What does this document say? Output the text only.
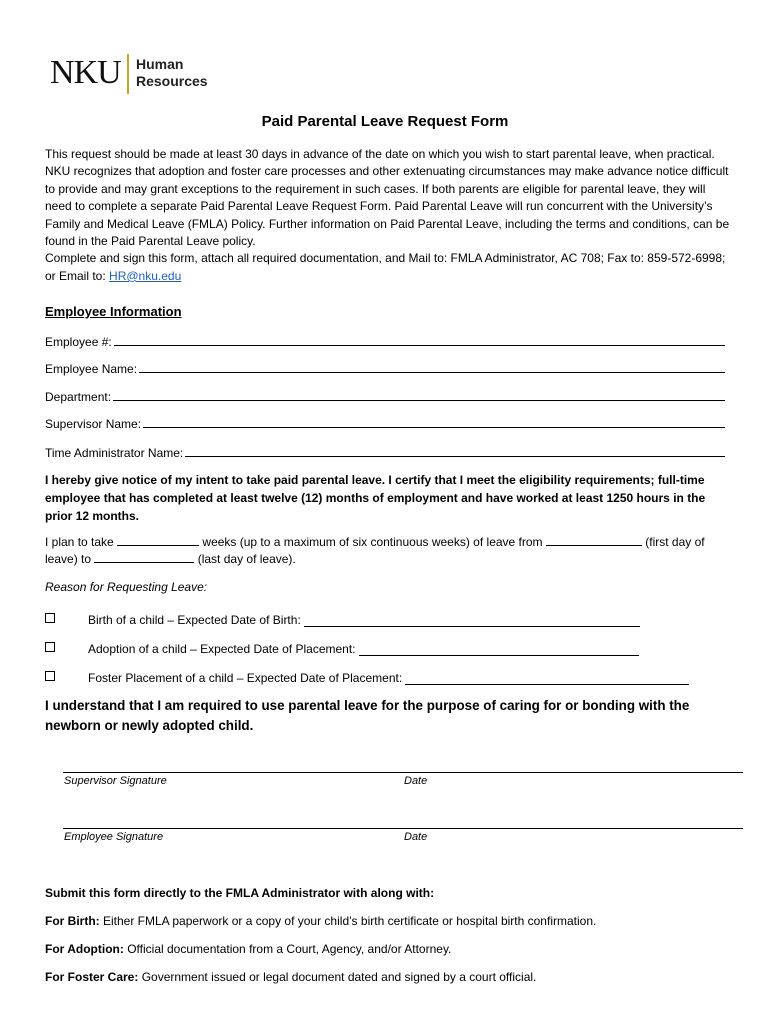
NKU Human
Resources
Paid Parental Leave Request Form
This request should be made at least 30 days in advance of the date on which you wish to start parental leave, when practical. NKU recognizes that adoption and foster care processes and other extenuating circumstances may make advance notice difficult to provide and may grant exceptions to the requirement in such cases. If both parents are eligible for parental leave, they will need to complete a separate Paid Parental Leave Request Form. Paid Parental Leave will run concurrent with the University’s Family and Medical Leave (FMLA) Policy. Further information on Paid Parental Leave, including the terms and conditions, can be found in the Paid Parental Leave policy.
Complete and sign this form, attach all required documentation, and Mail to: FMLA Administrator, AC 708; Fax to: 859-572-6998; or Email to: HR@nku.edu
Employee Information
Employee #:
Employee Name:
Department:
Supervisor Name:
Time Administrator Name:
I hereby give notice of my intent to take paid parental leave. I certify that I meet the eligibility requirements; full-time employee that has completed at least twelve (12) months of employment and have worked at least 1250 hours in the prior 12 months.
I plan to take	weeks (up to a maximum of six continuous weeks) of leave from	(first day of leave) to	(last day of leave).
Reason for Requesting Leave:
Birth of a child – Expected Date of Birth:
Adoption of a child – Expected Date of Placement:
Foster Placement of a child – Expected Date of Placement:
I understand that I am required to use parental leave for the purpose of caring for or bonding with the newborn or newly adopted child.
Supervisor Signature	Date
Employee Signature	Date
Submit this form directly to the FMLA Administrator with along with:
For Birth: Either FMLA paperwork or a copy of your child’s birth certificate or hospital birth confirmation.
For Adoption: Official documentation from a Court, Agency, and/or Attorney.
For Foster Care: Government issued or legal document dated and signed by a court official.
